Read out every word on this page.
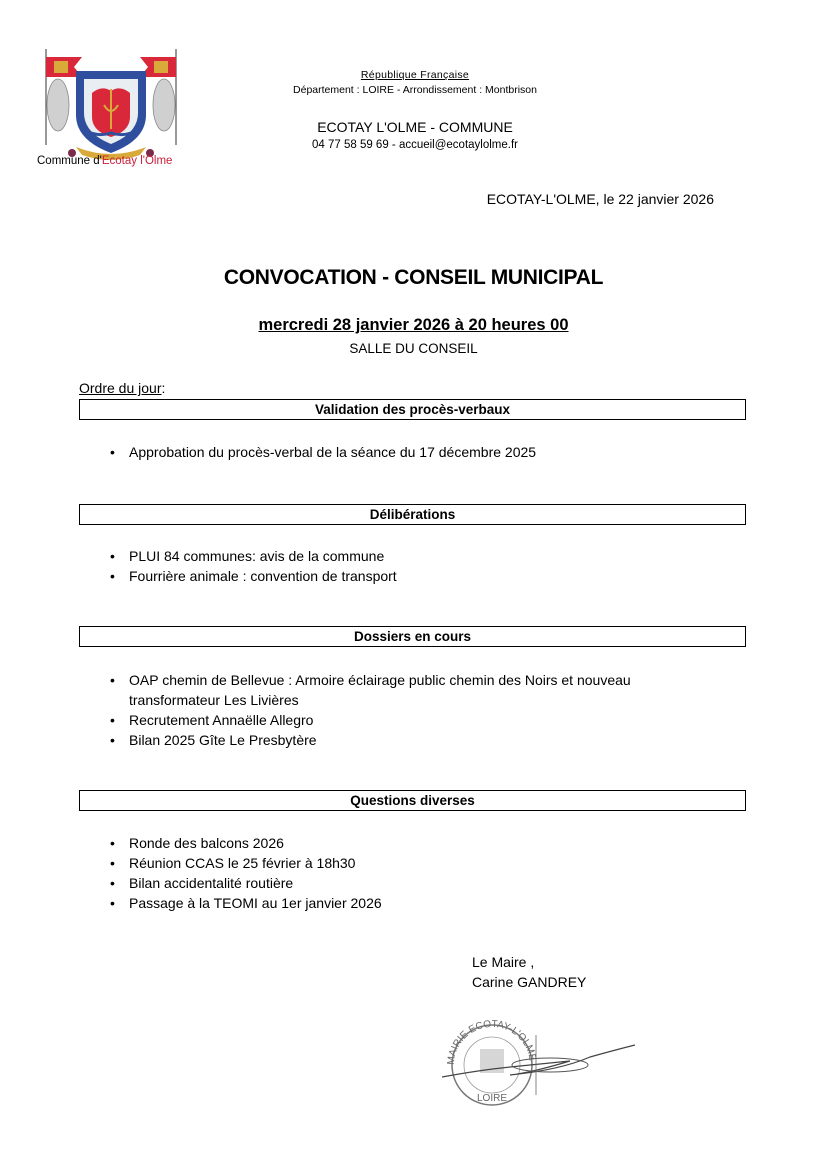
Commune d'Ecotay l'Olme
République Française
Département : LOIRE - Arrondissement : Montbrison
ECOTAY L'OLME - COMMUNE
04 77 58 59 69 - accueil@ecotaylolme.fr
ECOTAY-L'OLME, le 22 janvier 2026
CONVOCATION - CONSEIL MUNICIPAL
mercredi 28 janvier 2026 à 20 heures 00
SALLE DU CONSEIL
Ordre du jour:
Validation des procès-verbaux
• Approbation du procès-verbal de la séance du 17 décembre 2025
Délibérations
• PLUI 84 communes: avis de la commune
• Fourrière animale : convention de transport
Dossiers en cours
• OAP chemin de Bellevue : Armoire éclairage public chemin des Noirs et nouveau transformateur Les Livières
• Recrutement Annaëlle Allegro
• Bilan 2025 Gîte Le Presbytère
Questions diverses
• Ronde des balcons 2026
• Réunion CCAS le 25 février à 18h30
• Bilan accidentalité routière
• Passage à la TEOMI au 1er janvier 2026
Le Maire ,
Carine GANDREY
MAIRIE ECOTAY-L'OLME
LOIRE
